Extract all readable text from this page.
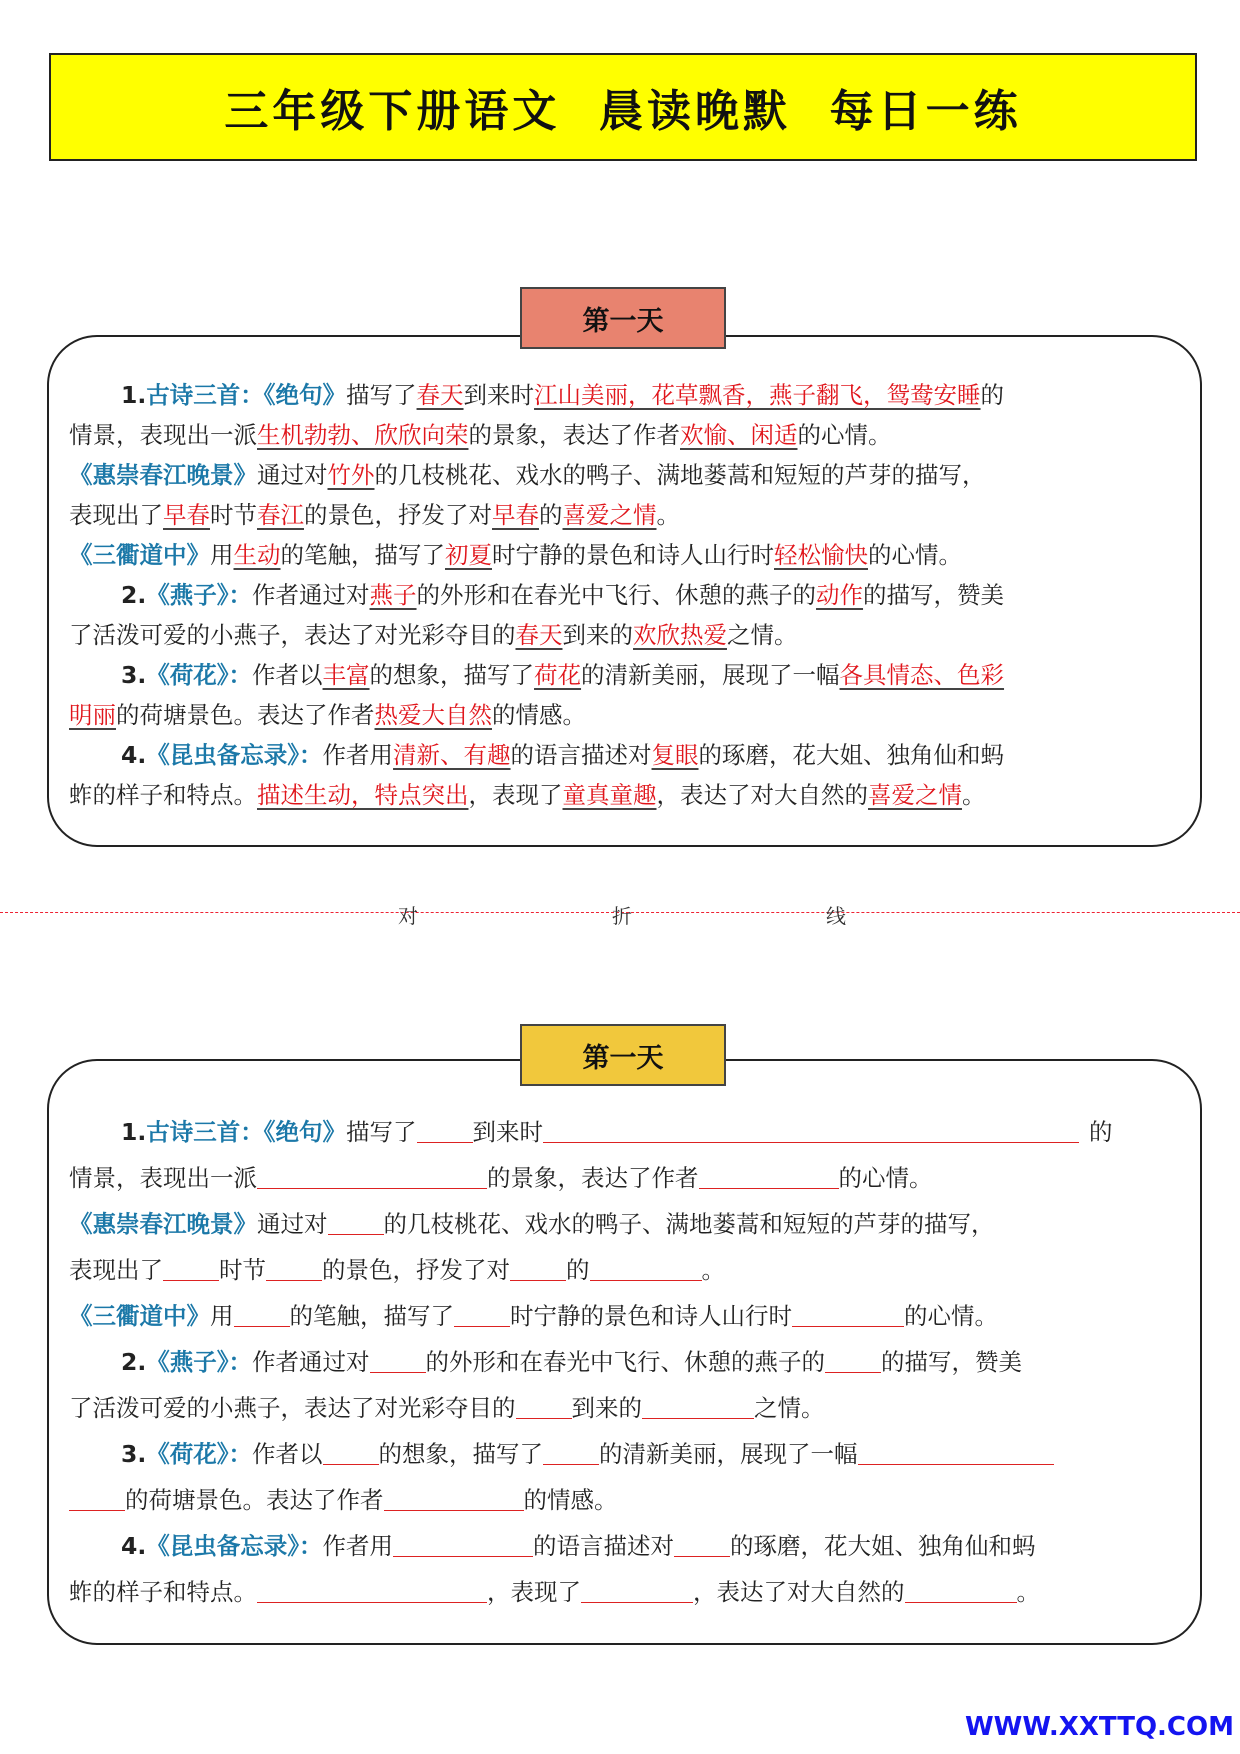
三年级下册语文  晨读晚默  每日一练
第一天
1.古诗三首：《绝句》描写了春天到来时江山美丽，花草飘香，燕子翻飞，鸳鸯安睡的
情景，表现出一派生机勃勃、欣欣向荣的景象，表达了作者欢愉、闲适的心情。
《惠崇春江晚景》通过对竹外的几枝桃花、戏水的鸭子、满地蒌蒿和短短的芦芽的描写，
表现出了早春时节春江的景色，抒发了对早春的喜爱之情。
《三衢道中》用生动的笔触，描写了初夏时宁静的景色和诗人山行时轻松愉快的心情。
2.《燕子》：作者通过对燕子的外形和在春光中飞行、休憩的燕子的动作的描写，赞美
了活泼可爱的小燕子，表达了对光彩夺目的春天到来的欢欣热爱之情。
3.《荷花》：作者以丰富的想象，描写了荷花的清新美丽，展现了一幅各具情态、色彩
明丽的荷塘景色。表达了作者热爱大自然的情感。
4.《昆虫备忘录》：作者用清新、有趣的语言描述对复眼的琢磨，花大姐、独角仙和蚂
蚱的样子和特点。描述生动，特点突出，表现了童真童趣，表达了对大自然的喜爱之情。
对	折	线
第一天
1.古诗三首：《绝句》描写了 到来时	的
情景，表现出一派	的景象，表达了作者	的心情。
《惠崇春江晚景》通过对 的几枝桃花、戏水的鸭子、满地蒌蒿和短短的芦芽的描写，
表现出了 时节 的景色，抒发了对 的	。
《三衢道中》用 的笔触，描写了 时宁静的景色和诗人山行时	的心情。
2.《燕子》：作者通过对 的外形和在春光中飞行、休憩的燕子的 的描写，赞美
了活泼可爱的小燕子，表达了对光彩夺目的 到来的	之情。
3.《荷花》：作者以 的想象，描写了 的清新美丽，展现了一幅
的荷塘景色。表达了作者	的情感。
4.《昆虫备忘录》：作者用	的语言描述对 的琢磨，花大姐、独角仙和蚂
蚱的样子和特点。	，表现了	，表达了对大自然的	。
WWW.XXTTQ.COM
